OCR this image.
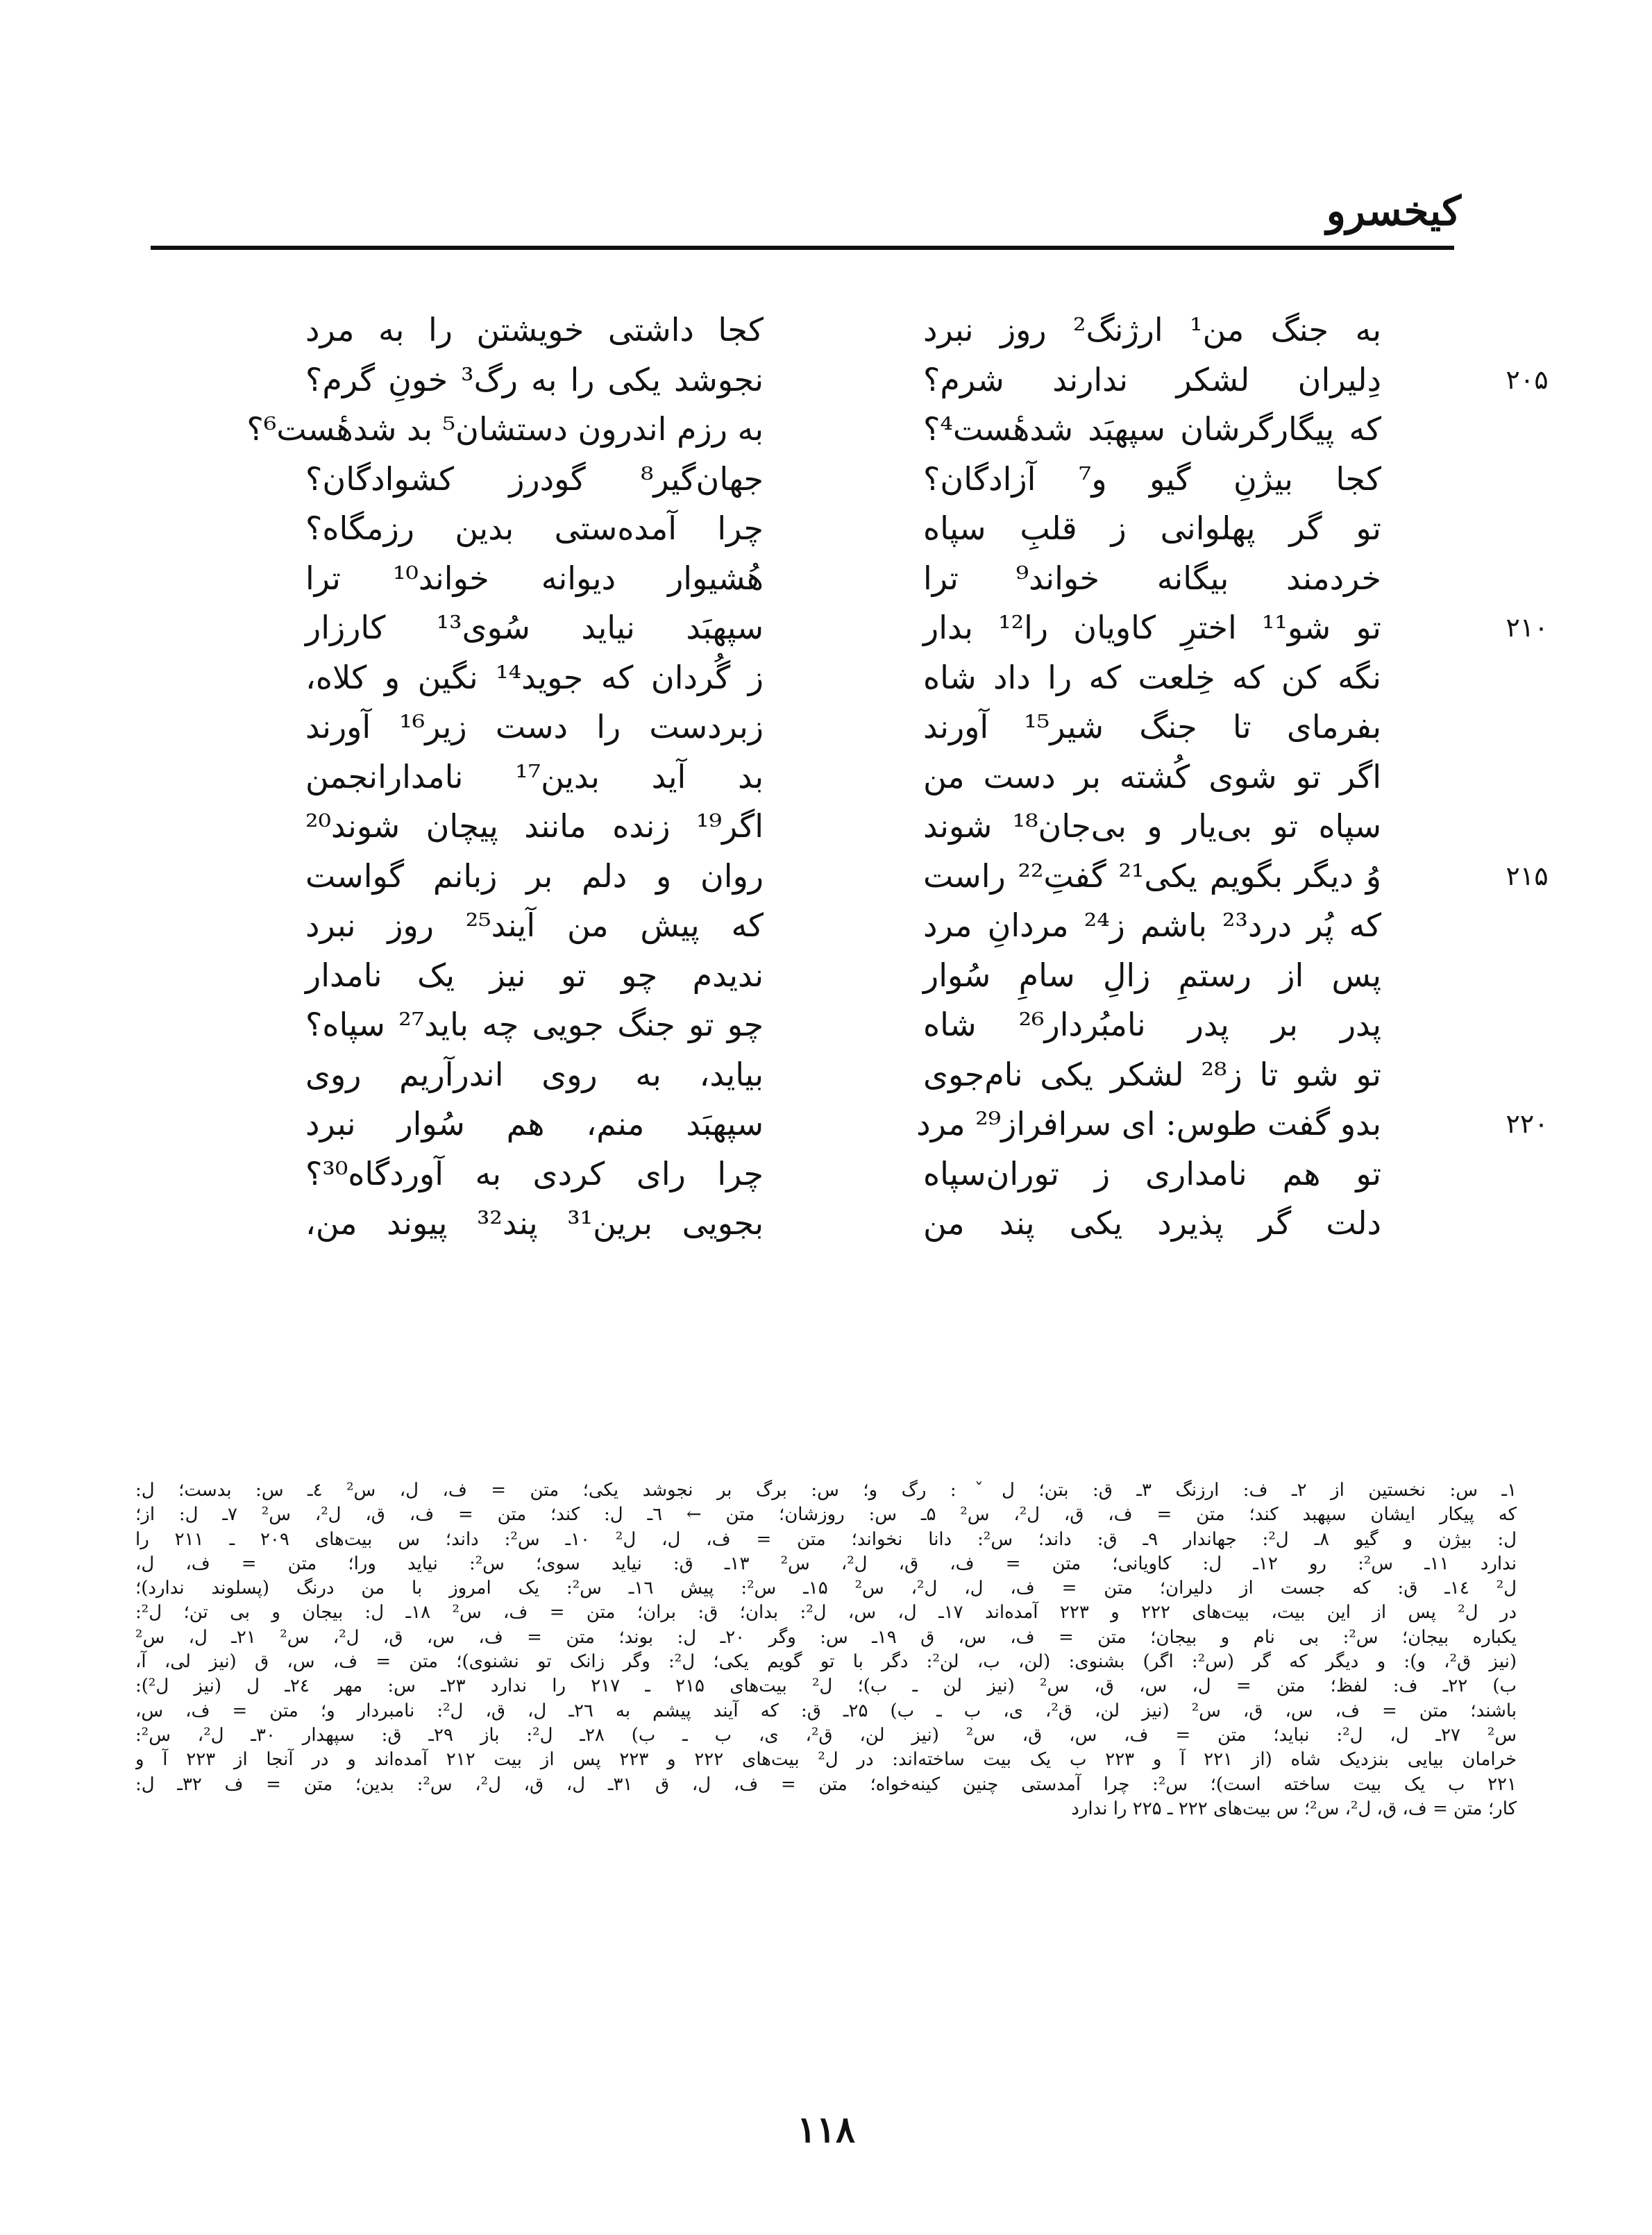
کیخسرو
به جنگ من¹ ارژنگ² روز نبرد
کجا داشتی خویشتن را به مرد
۲۰۵
دِلیران لشکر ندارند شرم؟
نجوشد یکی را به رگ³ خونِ گرم؟
که پیگارگرشان سپهبَد شدهٔست⁴؟
به رزم اندرون دستشان⁵ بد شدهٔست⁶؟
کجا بیژنِ گیو و⁷ آزادگان؟
جهان‌گیر⁸ گودرز کشوادگان؟
تو گر پهلوانی ز قلبِ سپاه
چرا آمده‌ستی بدین رزمگاه؟
خردمند بیگانه خواند⁹ ترا
هُشیوار دیوانه خواند¹⁰ ترا
۲۱۰
تو شو¹¹ اخترِ کاویان را¹² بدار
سپهبَد نیاید سُوی¹³ کارزار
نگه کن که خِلعت که را داد شاه
ز گُردان که جوید¹⁴ نگین و کلاه،
بفرمای تا جنگ شیر¹⁵ آورند
زبردست را دست زیر¹⁶ آورند
اگر تو شوی کُشته بر دست من
بد آید بدین¹⁷ نامدارانجمن
سپاه تو بی‌یار و بی‌جان¹⁸ شوند
اگر¹⁹ زنده مانند پیچان شوند²⁰
۲۱۵
وُ دیگر بگویم یکی²¹ گفتِ²² راست
روان و دلم بر زبانم گواست
که پُر درد²³ باشم ز²⁴ مردانِ مرد
که پیش من آیند²⁵ روز نبرد
پس از رستمِ زالِ سامِ سُوار
ندیدم چو تو نیز یک نامدار
پدر بر پدر نامبُردار²⁶ شاه
چو تو جنگ جویی چه باید²⁷ سپاه؟
تو شو تا ز²⁸ لشکر یکی نام‌جوی
بیاید، به روی اندرآریم روی
۲۲۰
بدو گفت طوس: ای سرافراز²⁹ مرد
سپهبَد منم، هم سُوار نبرد
تو هم نامداری ز توران‌سپاه
چرا رای کردی به آوردگاه³⁰؟
دلت گر پذیرد یکی پند من
بجویی برین³¹ پند³² پیوند من،
۱ـ س: نخستین از ۲ـ ف: ارزنگ ۳ـ ق: بتن؛ لˇ: رگ و؛ س: برگ بر نجوشد یکی؛ متن = ف، ل، س² ٤ـ س: بدست؛ ل:
که پیکار ایشان سپهبد کند؛ متن = ف، ق، ل²، س² ۵ـ س: روزشان؛ متن ← ٦ـ ل: کند؛ متن = ف، ق، ل²، س² ۷ـ ل: از؛
ل: بیژن و گیو ۸ـ ل²: جهاندار ۹ـ ق: داند؛ س²: دانا نخواند؛ متن = ف، ل، ل² ۱۰ـ س²: داند؛ س بیت‌های ۲۰۹ ـ ۲۱۱ را
ندارد ۱۱ـ س²: رو ۱۲ـ ل: کاویانی؛ متن = ف، ق، ل²، س² ۱۳ـ ق: نیاید سوی؛ س²: نیاید ورا؛ متن = ف، ل،
ل² ۱٤ـ ق: که جست از دلیران؛ متن = ف، ل، ل²، س² ۱۵ـ س²: پیش ۱٦ـ س²: یک امروز با من درنگ (پسلوند ندارد)؛
در ل² پس از این بیت، بیت‌های ۲۲۲ و ۲۲۳ آمده‌اند ۱۷ـ ل، س، ل²: بدان؛ ق: بران؛ متن = ف، س² ۱۸ـ ل: بیجان و بی تن؛ ل²:
یکباره بیجان؛ س²: بی نام و بیجان؛ متن = ف، س، ق ۱۹ـ س: وگر ۲۰ـ ل: بوند؛ متن = ف، س، ق، ل²، س² ۲۱ـ ل، س²
(نیز ق²، و): و دیگر که گر (س²: اگر) بشنوی: (لن، ب، لن²: دگر با تو گویم یکی؛ ل²: وگر زانک تو نشنوی)؛ متن = ف، س، ق (نیز لی، آ،
ب) ۲۲ـ ف: لفظ؛ متن = ل، س، ق، س² (نیز لن ـ ب)؛ ل² بیت‌های ۲۱۵ ـ ۲۱۷ را ندارد ۲۳ـ س: مهر ۲٤ـ ل (نیز ل²):
باشند؛ متن = ف، س، ق، س² (نیز لن، ق²، ی، ب ـ ب) ۲۵ـ ق: که آیند پیشم به ۲٦ـ ل، ق، ل²: نامبردار و؛ متن = ف، س،
س² ۲۷ـ ل، ل²: نباید؛ متن = ف، س، ق، س² (نیز لن، ق²، ی، ب ـ ب) ۲۸ـ ل²: باز ۲۹ـ ق: سپهدار ۳۰ـ ل²، س²:
خرامان بیایی بنزدیک شاه (از ۲۲۱ آ و ۲۲۳ ب یک بیت ساخته‌اند: در ل² بیت‌های ۲۲۲ و ۲۲۳ پس از بیت ۲۱۲ آمده‌اند و در آنجا از ۲۲۳ آ و
۲۲۱ ب یک بیت ساخته است)؛ س²: چرا آمدستی چنین کینه‌خواه؛ متن = ف، ل، ق ۳۱ـ ل، ق، ل²، س²: بدین؛ متن = ف ۳۲ـ ل:
کار؛ متن = ف، ق، ل²، س²؛ س بیت‌های ۲۲۲ ـ ۲۲۵ را ندارد
۱۱۸
